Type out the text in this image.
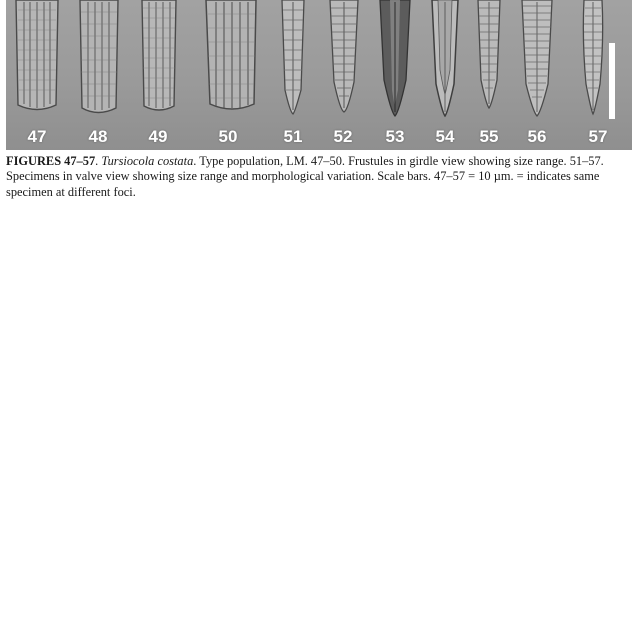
47	48	49	50	51	52	53	54	55	56	57
FIGURES 47–57. Tursiocola costata. Type population, LM. 47–50. Frustules in girdle view showing size range. 51–57. Specimens in valve view showing size range and morphological variation. Scale bars. 47–57 = 10 µm. = indicates same specimen at different foci.
